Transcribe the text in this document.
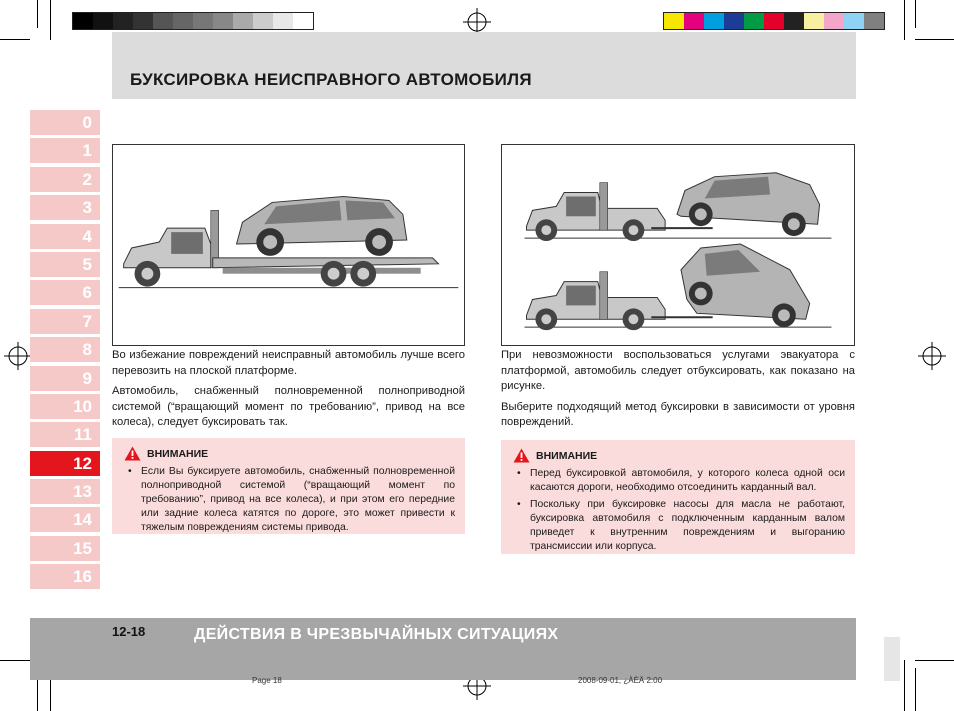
БУКСИРОВКА НЕИСПРАВНОГО АВТОМОБИЛЯ
0
1
2
3
4
5
6
7
8
9
10
11
12
13
14
15
16

Во избежание повреждений неисправный автомобиль лучше всего перевозить на плоской платформе.

Автомобиль, снабженный полновременной полноприводной системой (“вращающий момент по требованию”, привод на все колеса), следует буксировать так.

При невозможности воспользоваться услугами эвакуатора с платформой, автомобиль следует отбуксировать, как показано на рисунке.

Выберите подходящий метод буксировки в зависимости от уровня повреждений.

ВНИМАНИЕ
• Если Вы буксируете автомобиль, снабженный полновременной полноприводной системой (“вращающий момент по требованию”, привод на все колеса), и при этом его передние или задние колеса катятся по дороге, это может привести к тяжелым повреждениям системы привода.
ВНИМАНИЕ
• Перед буксировкой автомобиля, у которого колеса одной оси касаются дороги, необходимо отсоединить карданный вал.
• Поскольку при буксировке насосы для масла не работают, буксировка автомобиля с подключенным карданным валом приведет к внутренним повреждениям и выгоранию трансмиссии или корпуса.
12-18	ДЕЙСТВИЯ В ЧРЕЗВЫЧАЙНЫХ СИТУАЦИЯХ
Page 18	2008-09-01, ¿ÀÈÄ 2:00
